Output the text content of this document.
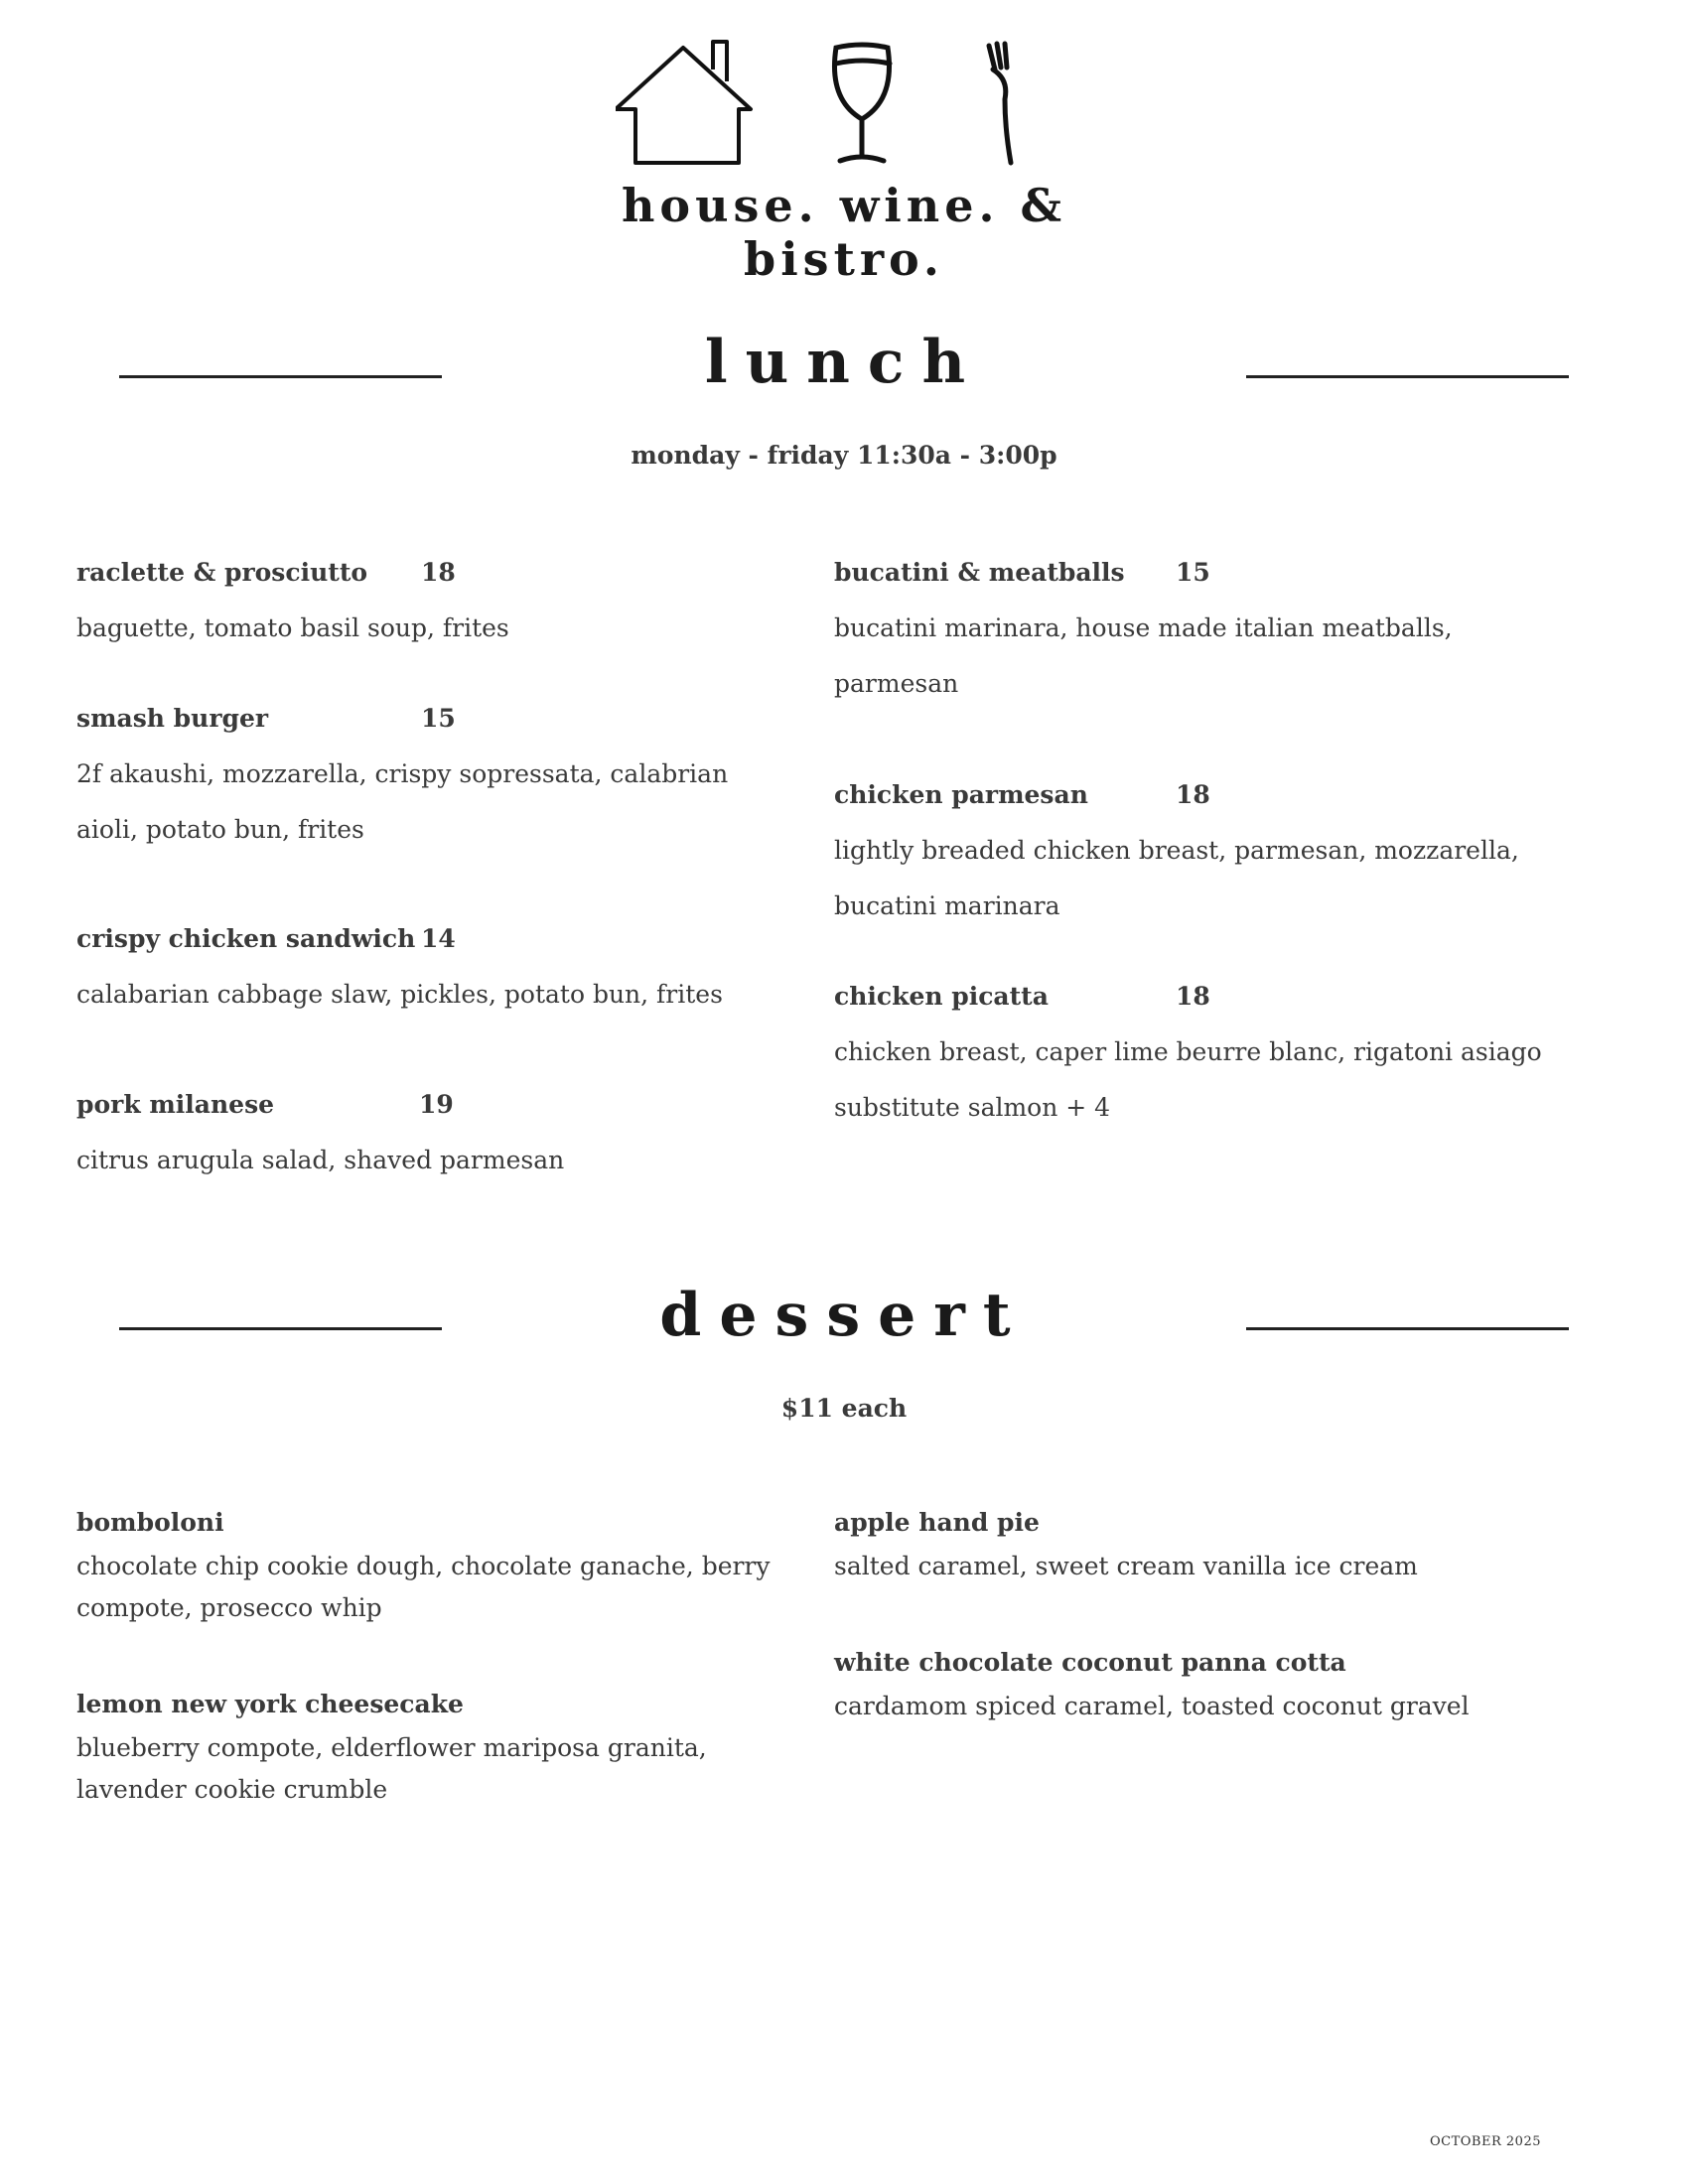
house. wine. & bistro.
lunch
monday - friday 11:30a - 3:00p
raclette & prosciutto 18
baguette, tomato basil soup, frites
smash burger	15
2f akaushi, mozzarella, crispy sopressata, calabrian aioli, potato bun, frites
crispy chicken sandwich 14
calabarian cabbage slaw, pickles, potato bun, frites
pork milanese	19
citrus arugula salad, shaved parmesan
bucatini & meatballs 15
bucatini marinara, house made italian meatballs, parmesan
chicken parmesan	18
lightly breaded chicken breast, parmesan, mozzarella, bucatini marinara
chicken picatta	18
chicken breast, caper lime beurre blanc, rigatoni asiago substitute salmon + 4
dessert
$11 each
bomboloni
chocolate chip cookie dough, chocolate ganache, berry compote, prosecco whip
lemon new york cheesecake
blueberry compote, elderflower mariposa granita, lavender cookie crumble
apple hand pie
salted caramel, sweet cream vanilla ice cream
white chocolate coconut panna cotta
cardamom spiced caramel, toasted coconut gravel
OCTOBER 2025
